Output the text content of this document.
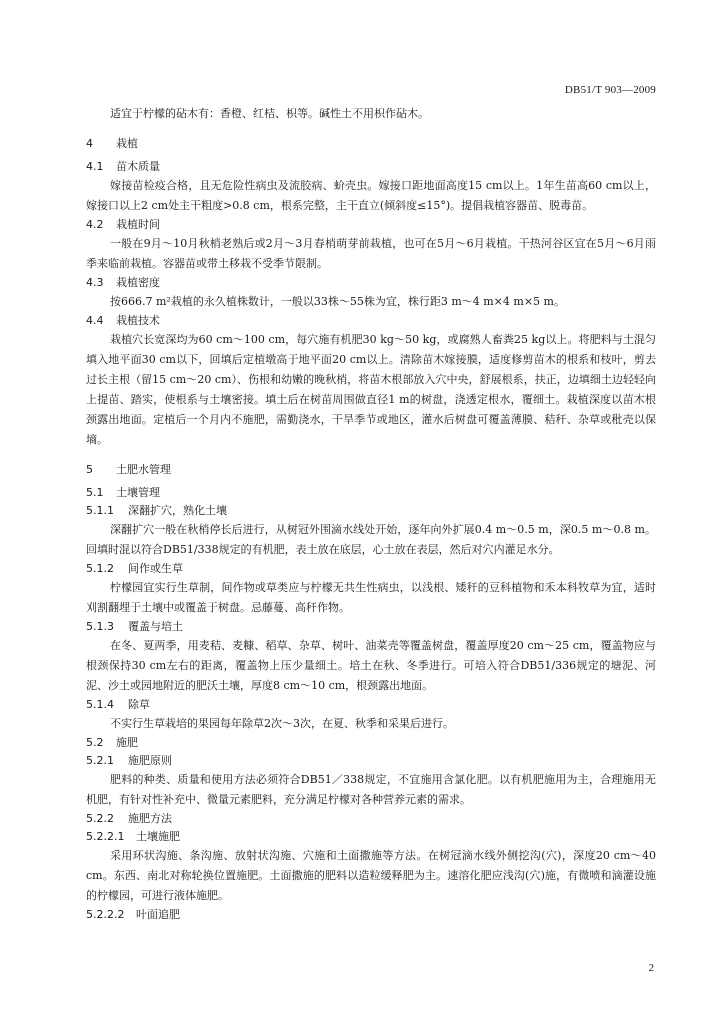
DB51/T 903—2009

适宜于柠檬的砧木有：香橙、红桔、枳等。碱性土不用枳作砧木。

4 栽植
4.1 苗木质量

嫁接苗检疫合格，且无危险性病虫及流胶病、蚧壳虫。嫁接口距地面高度15 cm以上。1年生苗高60 cm以上，嫁接口以上2 cm处主干粗度>0.8 cm，根系完整，主干直立(倾斜度≤15°)。提倡栽植容器苗、脱毒苗。

4.2 栽植时间

一般在9月～10月秋梢老熟后或2月～3月春梢萌芽前栽植，也可在5月～6月栽植。干热河谷区宜在5月～6月雨季来临前栽植。容器苗或带土移栽不受季节限制。

4.3 栽植密度

按666.7 m²栽植的永久植株数计，一般以33株～55株为宜，株行距3 m～4 m×4 m×5 m。

4.4 栽植技术

栽植穴长宽深均为60 cm～100 cm，每穴施有机肥30 kg～50 kg，或腐熟人畜粪25 kg以上。将肥料与土混匀填入地平面30 cm以下，回填后定植墩高于地平面20 cm以上。清除苗木嫁接膜，适度修剪苗木的根系和枝叶，剪去过长主根（留15 cm～20 cm）、伤根和幼嫩的晚秋梢，将苗木根部放入穴中央，舒展根系，扶正，边填细土边轻轻向上提苗、踏实，使根系与土壤密接。填土后在树苗周围做直径1 m的树盘，浇透定根水，覆细土。栽植深度以苗木根颈露出地面。定植后一个月内不施肥，需勤浇水，干旱季节或地区，灌水后树盘可覆盖薄膜、秸秆、杂草或秕壳以保墒。

5 土肥水管理
5.1 土壤管理
5.1.1 深翻扩穴，熟化土壤

深翻扩穴一般在秋梢停长后进行，从树冠外围滴水线处开始，逐年向外扩展0.4 m～0.5 m，深0.5 m～0.8 m。回填时混以符合DB51/338规定的有机肥，表土放在底层，心土放在表层，然后对穴内灌足水分。

5.1.2 间作或生草

柠檬园宜实行生草制，间作物或草类应与柠檬无共生性病虫，以浅根、矮秆的豆科植物和禾本科牧草为宜，适时刈割翻埋于土壤中或覆盖于树盘。忌藤蔓、高秆作物。

5.1.3 覆盖与培土

在冬、夏两季，用麦秸、麦糠、稻草、杂草、树叶、油菜壳等覆盖树盘，覆盖厚度20 cm～25 cm，覆盖物应与根颈保持30 cm左右的距离，覆盖物上压少量细土。培土在秋、冬季进行。可培入符合DB51/336规定的塘泥、河泥、沙土或园地附近的肥沃土壤，厚度8 cm～10 cm，根颈露出地面。

5.1.4 除草

不实行生草栽培的果园每年除草2次～3次，在夏、秋季和采果后进行。

5.2 施肥
5.2.1 施肥原则

肥料的种类、质量和使用方法必须符合DB51／338规定，不宜施用含氯化肥。以有机肥施用为主，合理施用无机肥，有针对性补充中、微量元素肥料，充分满足柠檬对各种营养元素的需求。

5.2.2 施肥方法
5.2.2.1 土壤施肥

采用环状沟施、条沟施、放射状沟施、穴施和土面撒施等方法。在树冠滴水线外侧挖沟(穴)，深度20 cm～40 cm。东西、南北对称轮换位置施肥。土面撒施的肥料以造粒缓释肥为主。速溶化肥应浅沟(穴)施，有微喷和滴灌设施的柠檬园，可进行液体施肥。

5.2.2.2 叶面追肥
2
